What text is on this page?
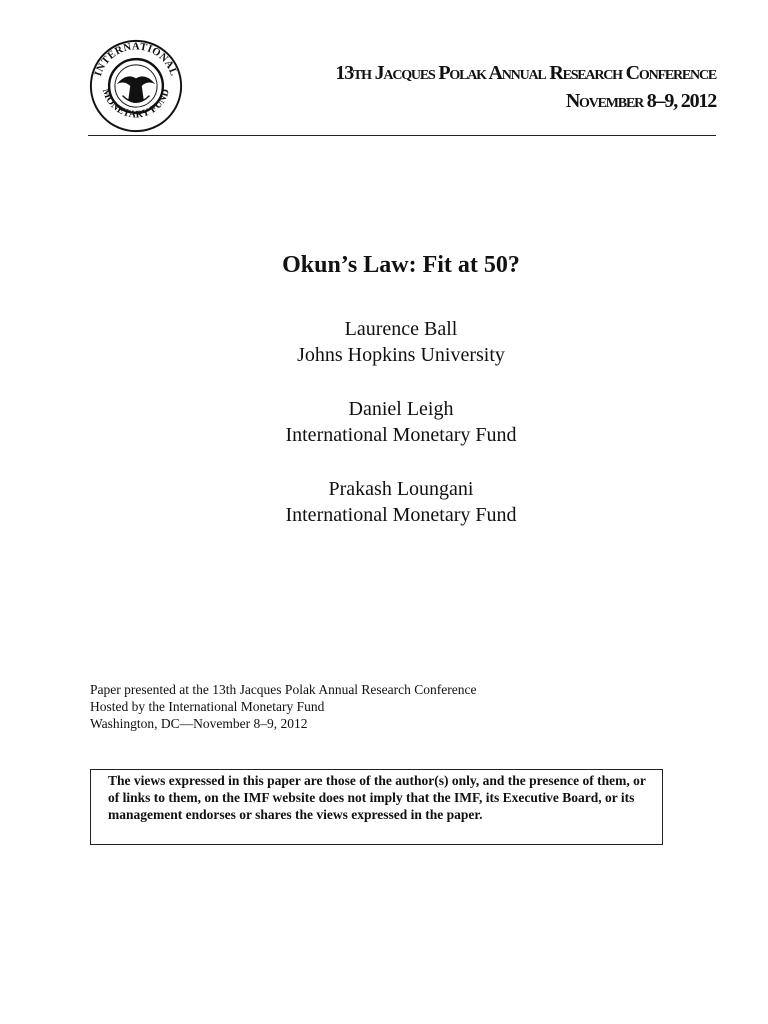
INTERNATIONAL
MONETARY FUND
13th Jacques Polak Annual Research Conference
November 8–9, 2012
Okun’s Law: Fit at 50?
Laurence Ball
Johns Hopkins University
Daniel Leigh
International Monetary Fund
Prakash Loungani
International Monetary Fund
Paper presented at the 13th Jacques Polak Annual Research Conference
Hosted by the International Monetary Fund
Washington, DC—November 8–9, 2012
The views expressed in this paper are those of the author(s) only, and the presence of them, or of links to them, on the IMF website does not imply that the IMF, its Executive Board, or its management endorses or shares the views expressed in the paper.
